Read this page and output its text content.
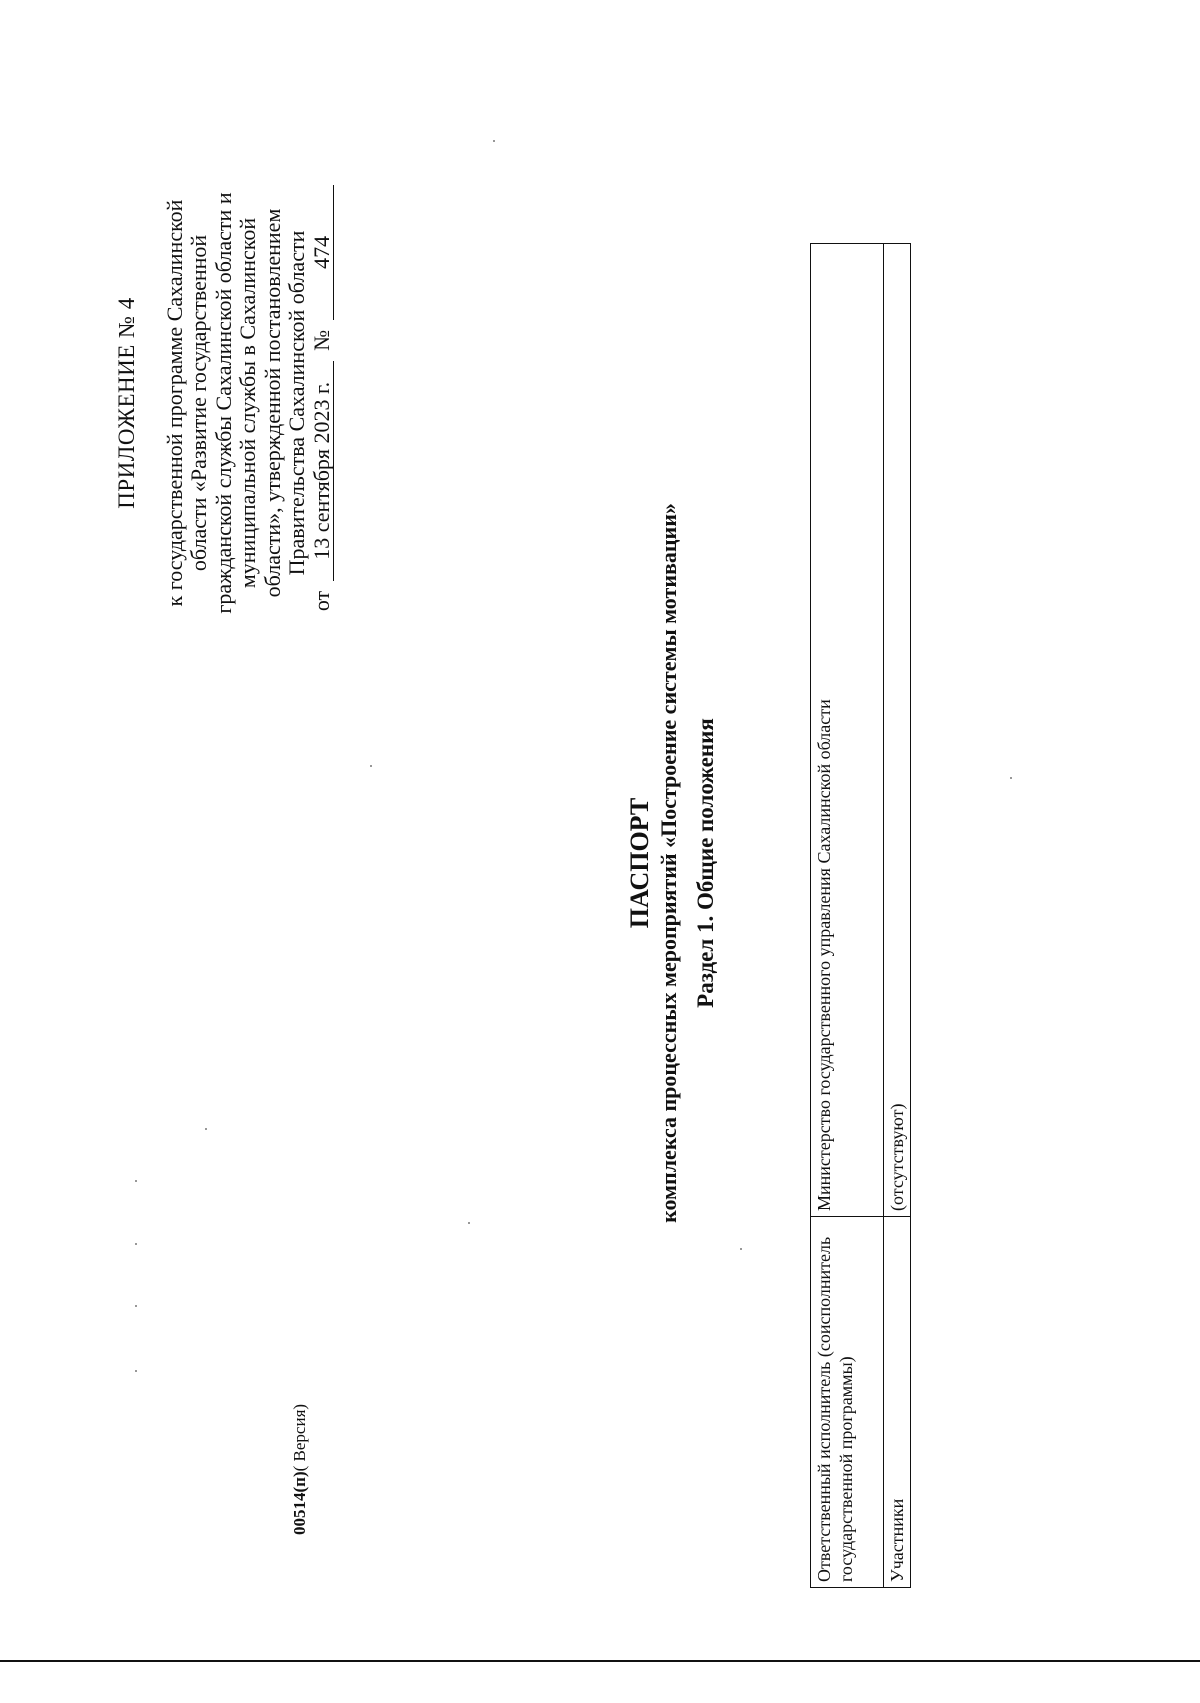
ПРИЛОЖЕНИЕ № 4 к государственной программе Сахалинской области «Развитие государственной гражданской службы Сахалинской области и муниципальной службы в Сахалинской области», утвержденной постановлением Правительства Сахалинской области
от
13 сентября 2023 г.
№
474
ПАСПОРТ комплекса процессных мероприятий «Построение системы мотивации» Раздел 1. Общие положения
Ответственный исполнитель (соисполнитель государственной программы)	Министерство государственного управления Сахалинской области
Участники	(отсутствуют)
00514(п)( Версия)
